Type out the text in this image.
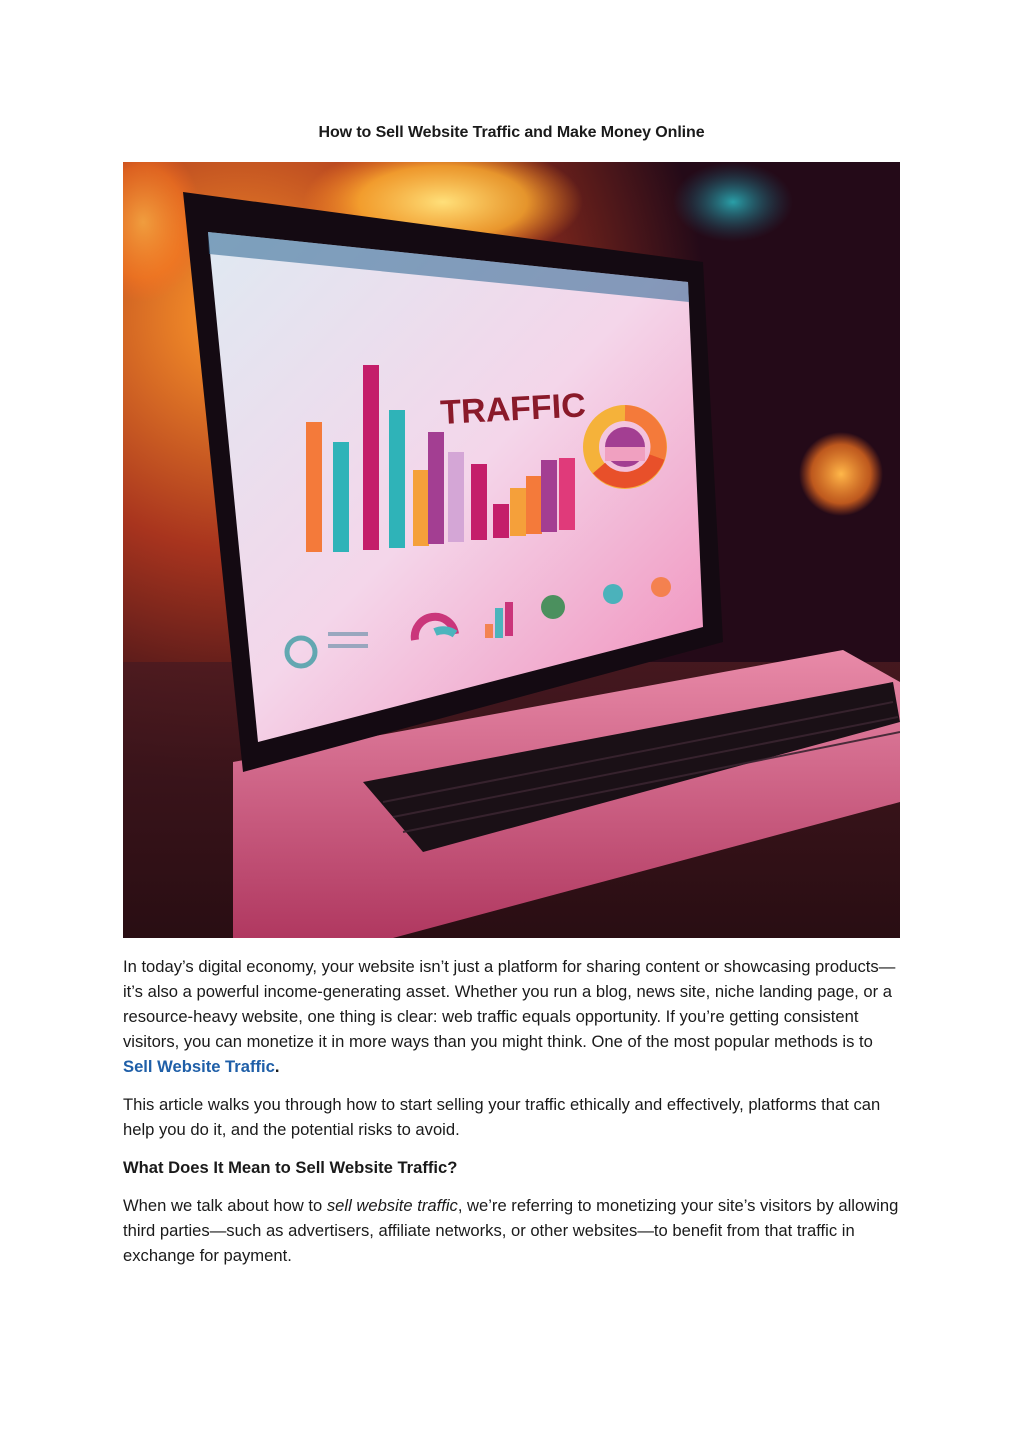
How to Sell Website Traffic and Make Money Online
TRAFFIC

In today’s digital economy, your website isn’t just a platform for sharing content or showcasing products—it’s also a powerful income-generating asset. Whether you run a blog, news site, niche landing page, or a resource-heavy website, one thing is clear: web traffic equals opportunity. If you’re getting consistent visitors, you can monetize it in more ways than you might think. One of the most popular methods is to Sell Website Traffic.

This article walks you through how to start selling your traffic ethically and effectively, platforms that can help you do it, and the potential risks to avoid.

What Does It Mean to Sell Website Traffic?

When we talk about how to sell website traffic, we’re referring to monetizing your site’s visitors by allowing third parties—such as advertisers, affiliate networks, or other websites—to benefit from that traffic in exchange for payment.
